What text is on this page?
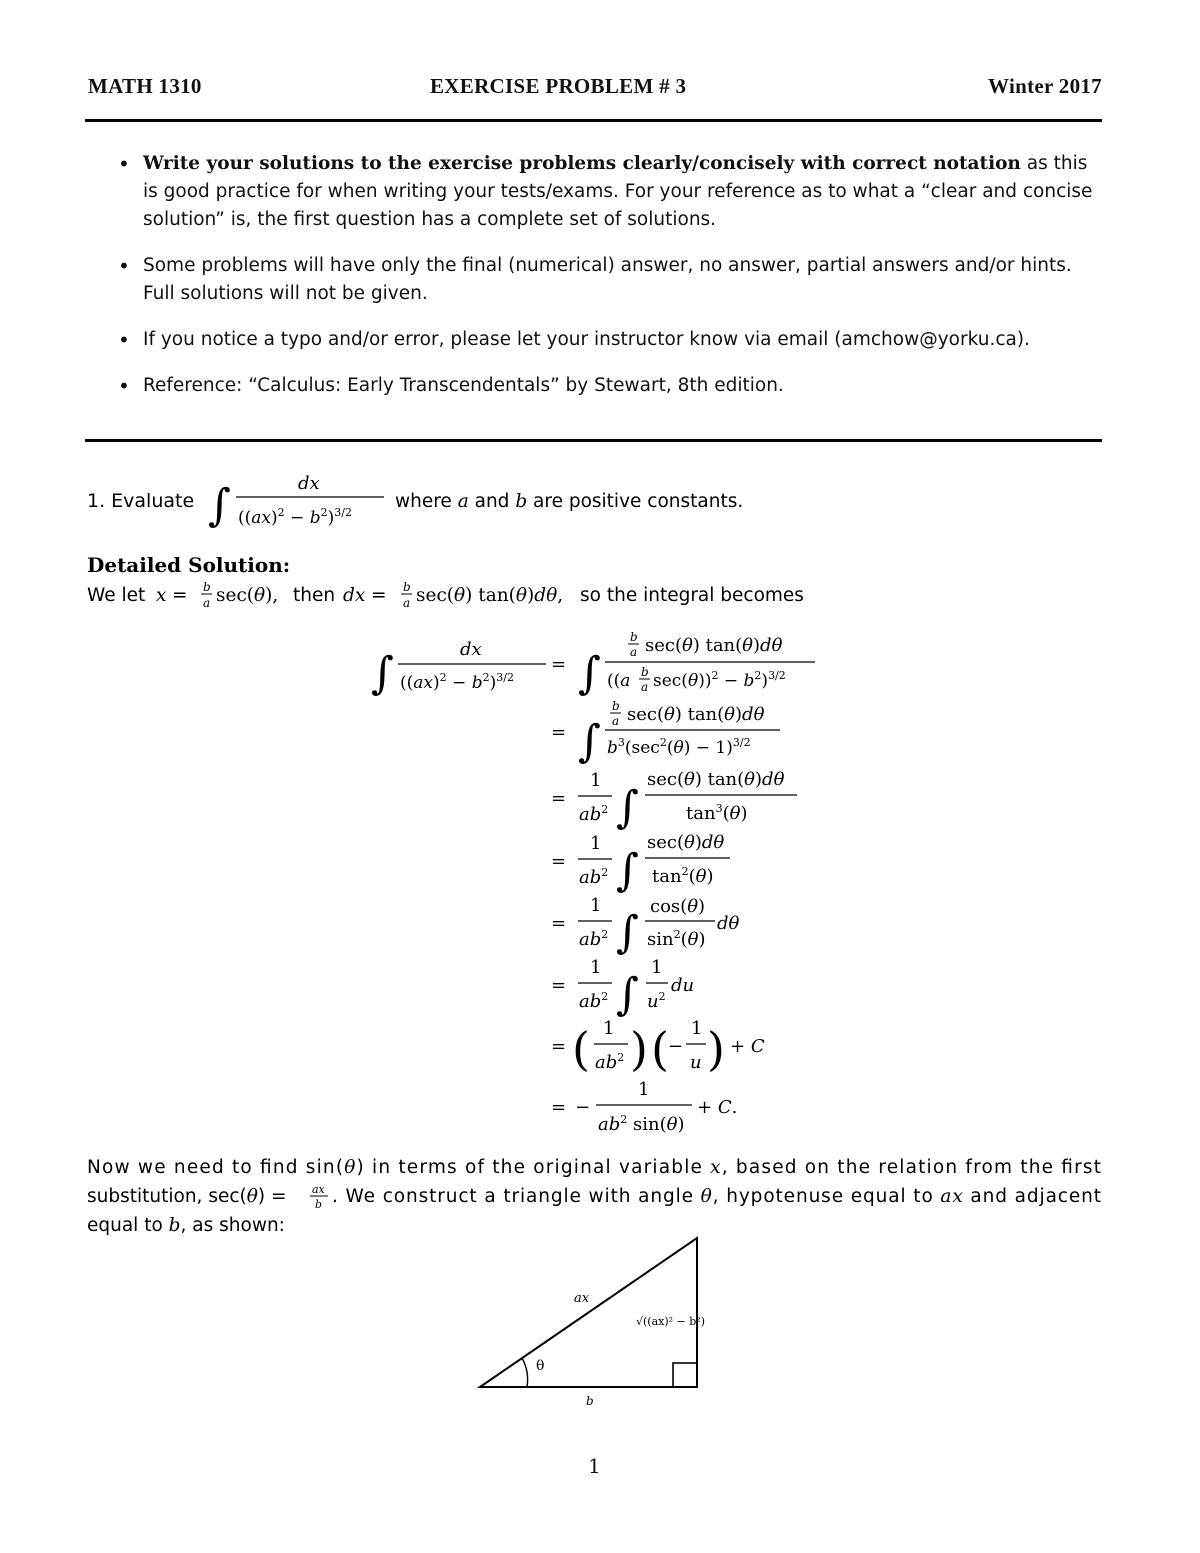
MATH 1310	EXERCISE PROBLEM # 3	Winter 2017
• Write your solutions to the exercise problems clearly/concisely with correct notation as this is good practice for when writing your tests/exams. For your reference as to what a “clear and concise solution” is, the first question has a complete set of solutions.
• Some problems will have only the final (numerical) answer, no answer, partial answers and/or hints. Full solutions will not be given.
• If you notice a typo and/or error, please let your instructor know via email (amchow@yorku.ca).
• Reference: “Calculus: Early Transcendentals” by Stewart, 8th edition.
1. Evaluate ∫	dx
$((ax)^2 - b^2)^{3/2}$
where a and b are positive constants.
Detailed Solution:
We let x = b
a sec(θ), then dx = b
a sec(θ) tan(θ)dθ, so the integral becomes
∫	dx
$((ax)^2 - b^2)^{3/2}$
= ∫
b
a sec(θ) tan(θ)dθ
((a b
a $\sec(\theta))^2 - b^2)^{3/2}$
= ∫
b
a sec(θ) tan(θ)dθ
$b^3(\sec^2(\theta) - 1)^{3/2}$
=
1
$ab^2$ ∫
sec(θ) tan(θ)dθ
$\tan^3(\theta)$
=
1
$ab^2$ ∫
sec(θ)dθ
$\tan^2(\theta)$
=
1
$ab^2$ ∫
cos(θ)
$\sin^2(\theta)$
dθ
=
1
$ab^2$ ∫
1
$u^2$
du
= ( 1
$ab^2$ ) ( −
1
u ) + C
= −
1
$ab^2$ sin(θ)
+ C.
Now we need to find sin(θ) in terms of the original variable x, based on the relation from the first
substitution, sec(θ) = ax
b . We construct a triangle with angle θ, hypotenuse equal to ax and adjacent
equal to b, as shown:
θ
ax
√((ax)² − b²)
b
1
